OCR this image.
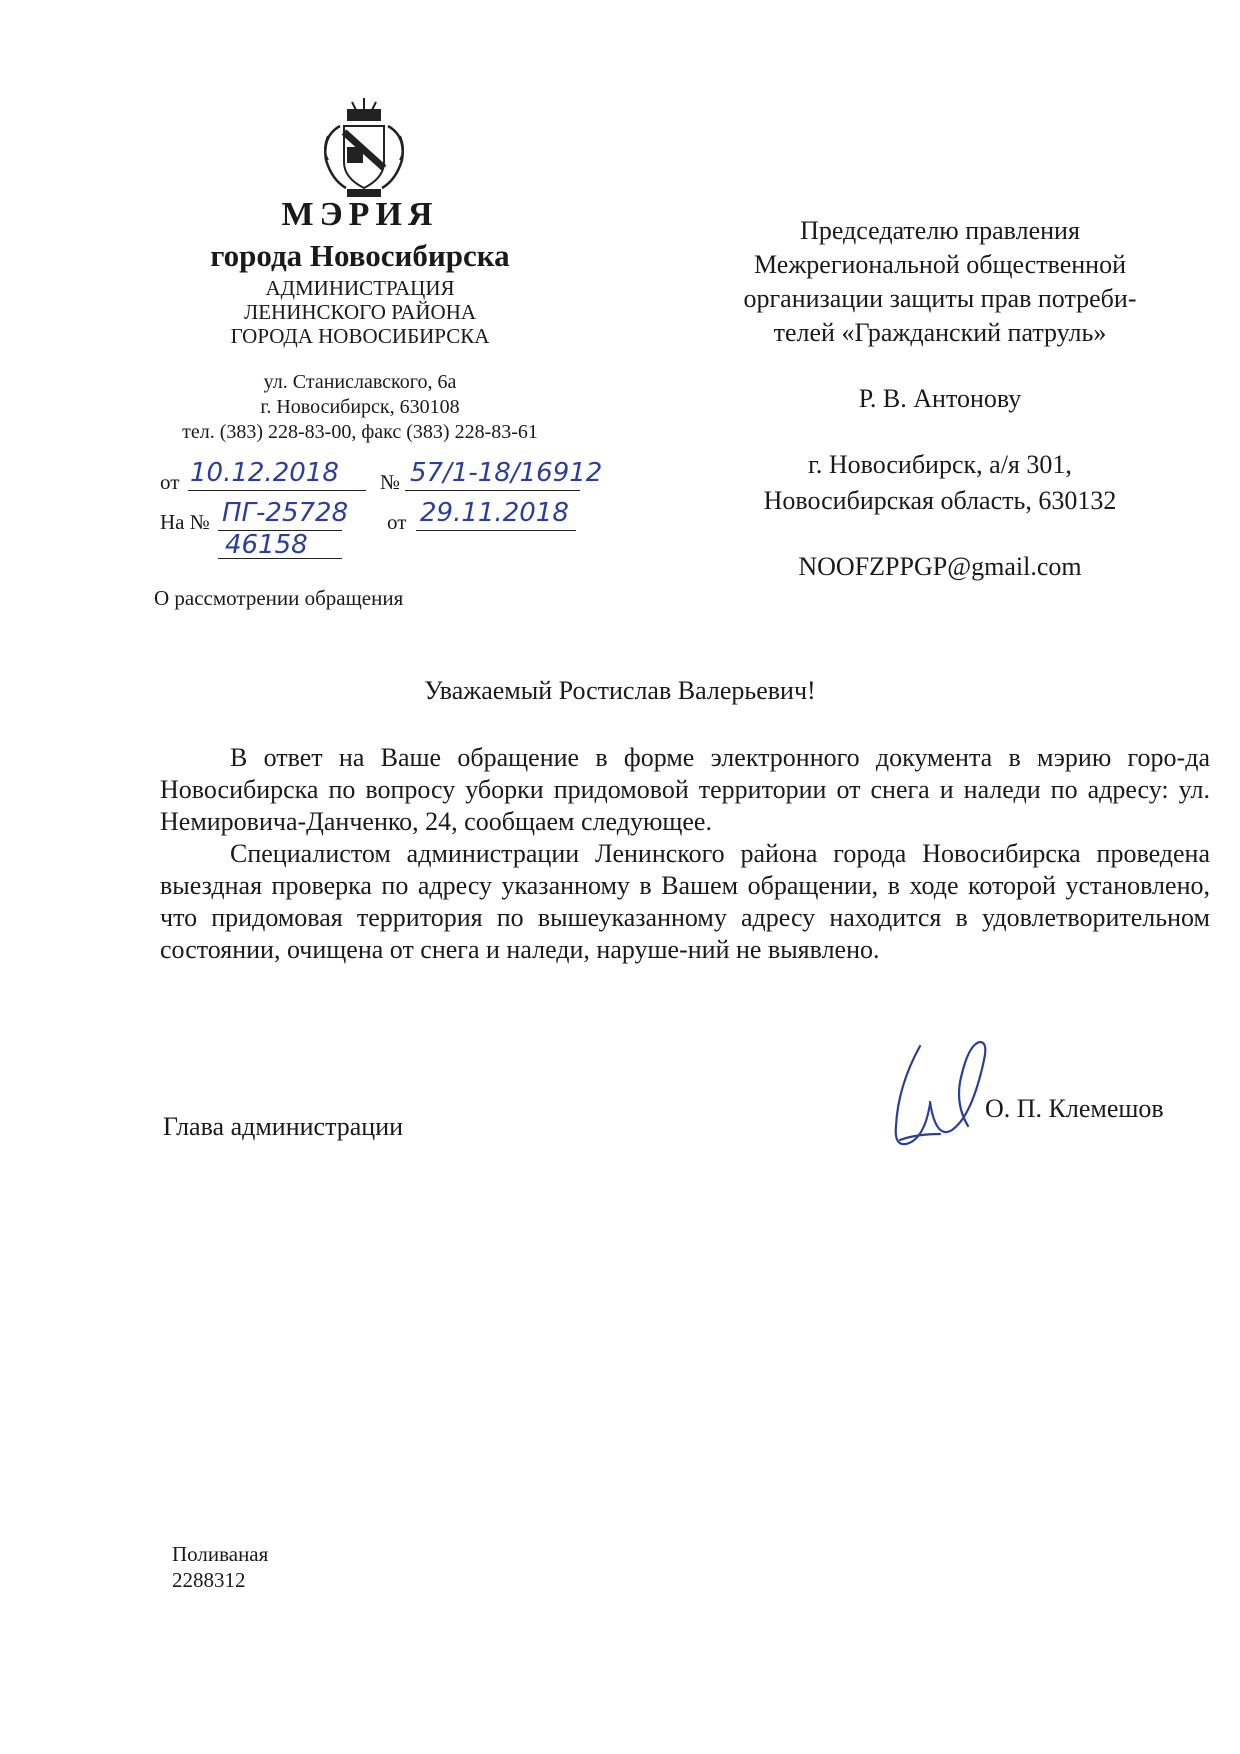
МЭРИЯ
города Новосибирска
АДМИНИСТРАЦИЯ
ЛЕНИНСКОГО РАЙОНА
ГОРОДА НОВОСИБИРСКА
ул. Станиславского, 6а
г. Новосибирск, 630108
тел. (383) 228-83-00, факс (383) 228-83-61
от 10.12.2018 № 57/1-18/16912
На № ПГ-25728
46158
от 29.11.2018
О рассмотрении обращения
Председателю правления
Межрегиональной общественной
организации защиты прав потреби-
телей «Гражданский патруль»
Р. В. Антонову
г. Новосибирск, а/я 301,
Новосибирская область, 630132
NOOFZPPGP@gmail.com
Уважаемый Ростислав Валерьевич!
В ответ на Ваше обращение в форме электронного документа в мэрию горо-да Новосибирска по вопросу уборки придомовой территории от снега и наледи по адресу: ул. Немировича-Данченко, 24, сообщаем следующее.
Специалистом администрации Ленинского района города Новосибирска проведена выездная проверка по адресу указанному в Вашем обращении, в ходе которой установлено, что придомовая территория по вышеуказанному адресу находится в удовлетворительном состоянии, очищена от снега и наледи, наруше-ний не выявлено.
Глава администрации
О. П. Клемешов
Поливаная
2288312
